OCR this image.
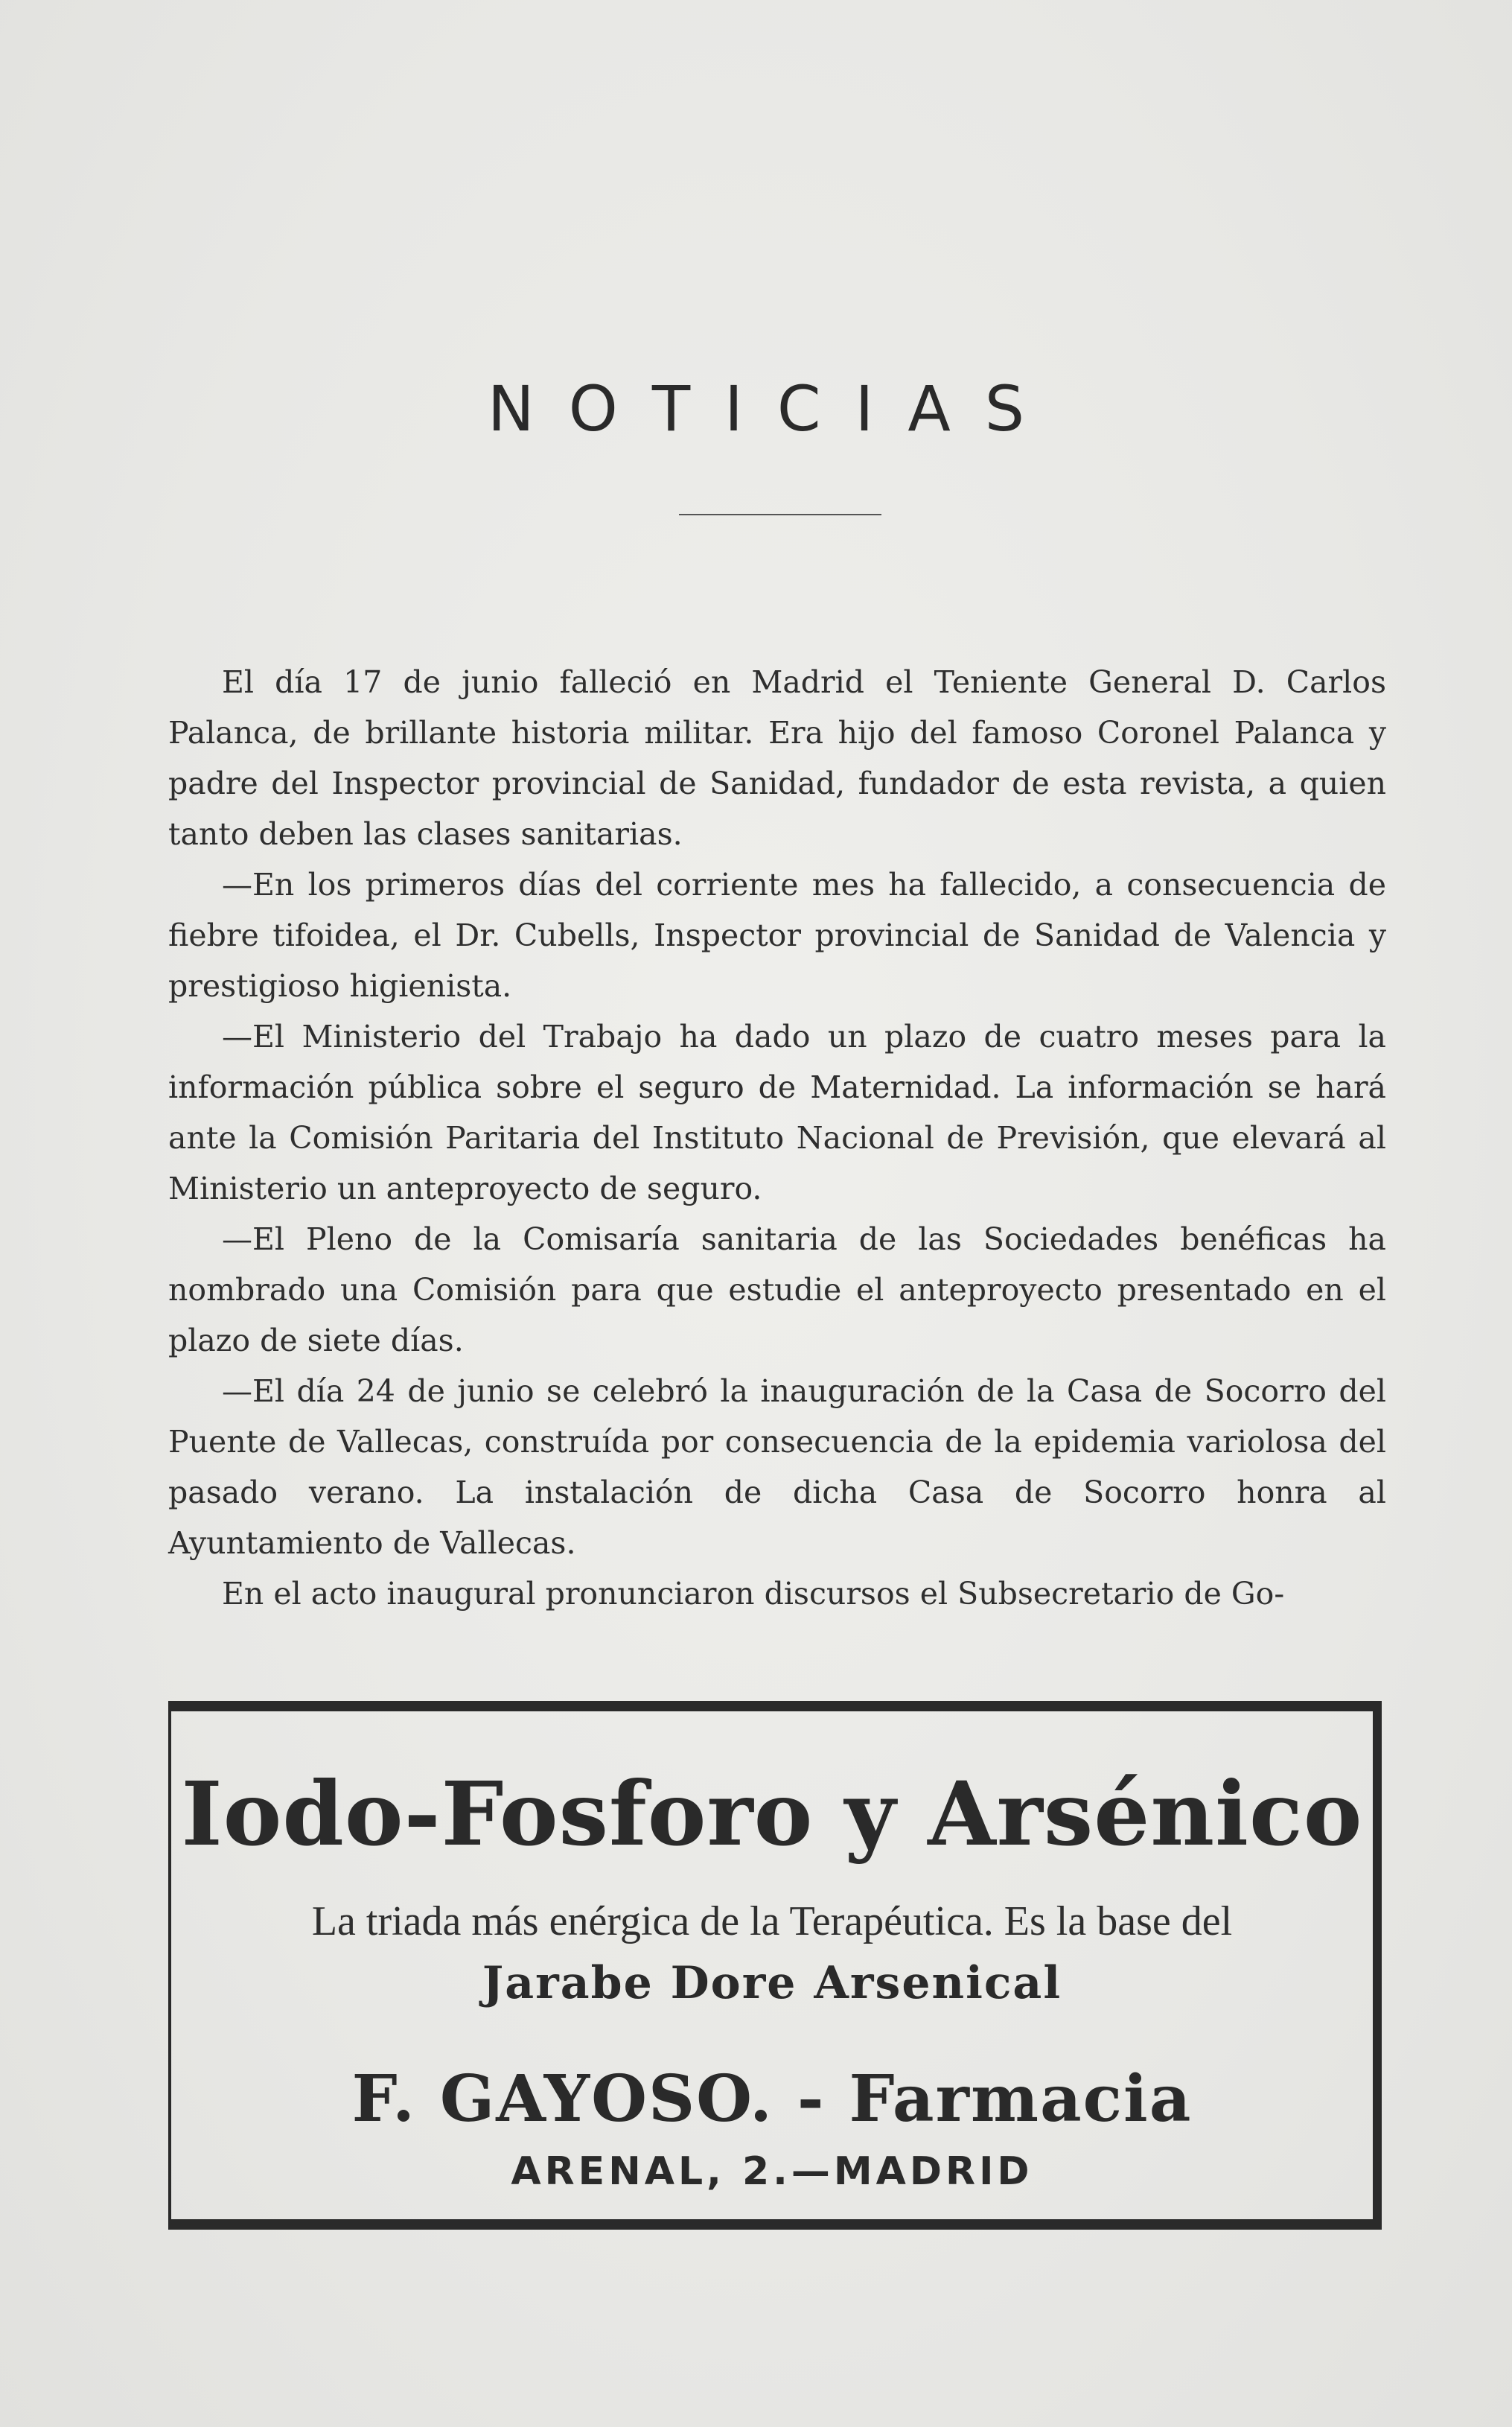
NOTICIAS

El día 17 de junio falleció en Madrid el Teniente General D. Carlos Palanca, de brillante historia militar. Era hijo del famoso Coronel Palanca y padre del Inspector provincial de Sanidad, fundador de esta revista, a quien tanto deben las clases sanitarias.

—En los primeros días del corriente mes ha fallecido, a consecuencia de fiebre tifoidea, el Dr. Cubells, Inspector provincial de Sanidad de Valencia y prestigioso higienista.

—El Ministerio del Trabajo ha dado un plazo de cuatro meses para la información pública sobre el seguro de Maternidad. La información se hará ante la Comisión Paritaria del Instituto Nacional de Previsión, que elevará al Ministerio un anteproyecto de seguro.

—El Pleno de la Comisaría sanitaria de las Sociedades benéficas ha nombrado una Comisión para que estudie el anteproyecto presentado en el plazo de siete días.

—El día 24 de junio se celebró la inauguración de la Casa de Socorro del Puente de Vallecas, construída por consecuencia de la epidemia variolosa del pasado verano. La instalación de dicha Casa de Socorro honra al Ayuntamiento de Vallecas.

En el acto inaugural pronunciaron discursos el Subsecretario de Go-

Iodo-Fosforo y Arsénico
La triada más enérgica de la Terapéutica. Es la base del
Jarabe Dore Arsenical
F. GAYOSO. - Farmacia
ARENAL, 2.—MADRID
